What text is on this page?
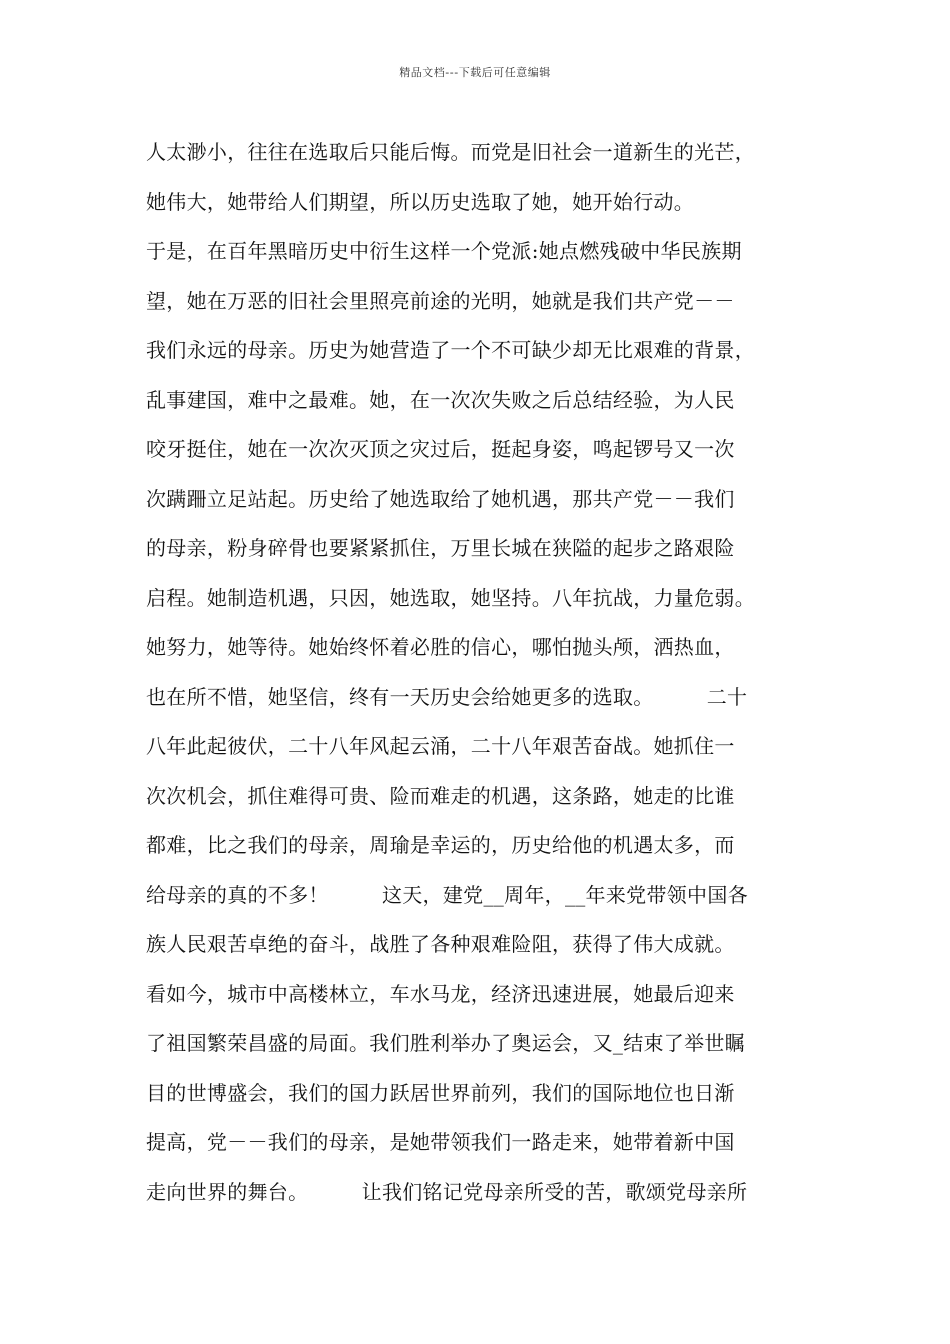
精品文档---下载后可任意编辑
人太渺小，往往在选取后只能后悔。而党是旧社会一道新生的光芒，
她伟大，她带给人们期望，所以历史选取了她，她开始行动。
于是，在百年黑暗历史中衍生这样一个党派:她点燃残破中华民族期
望，她在万恶的旧社会里照亮前途的光明，她就是我们共产党－－
我们永远的母亲。历史为她营造了一个不可缺少却无比艰难的背景，
乱事建国，难中之最难。她，在一次次失败之后总结经验，为人民
咬牙挺住，她在一次次灭顶之灾过后，挺起身姿，鸣起锣号又一次
次蹒跚立足站起。历史给了她选取给了她机遇，那共产党－－我们
的母亲，粉身碎骨也要紧紧抓住，万里长城在狭隘的起步之路艰险
启程。她制造机遇，只因，她选取，她坚持。八年抗战，力量危弱。
她努力，她等待。她始终怀着必胜的信心，哪怕抛头颅，洒热血，
也在所不惜，她坚信，终有一天历史会给她更多的选取。        二十
八年此起彼伏，二十八年风起云涌，二十八年艰苦奋战。她抓住一
次次机会，抓住难得可贵、险而难走的机遇，这条路，她走的比谁
都难，比之我们的母亲，周瑜是幸运的，历史给他的机遇太多，而
给母亲的真的不多！        这天，建党__周年，__年来党带领中国各
族人民艰苦卓绝的奋斗，战胜了各种艰难险阻，获得了伟大成就。
看如今，城市中高楼林立，车水马龙，经济迅速进展，她最后迎来
了祖国繁荣昌盛的局面。我们胜利举办了奥运会，又_结束了举世瞩
目的世博盛会，我们的国力跃居世界前列，我们的国际地位也日渐
提高，党－－我们的母亲，是她带领我们一路走来，她带着新中国
走向世界的舞台。        让我们铭记党母亲所受的苦，歌颂党母亲所
